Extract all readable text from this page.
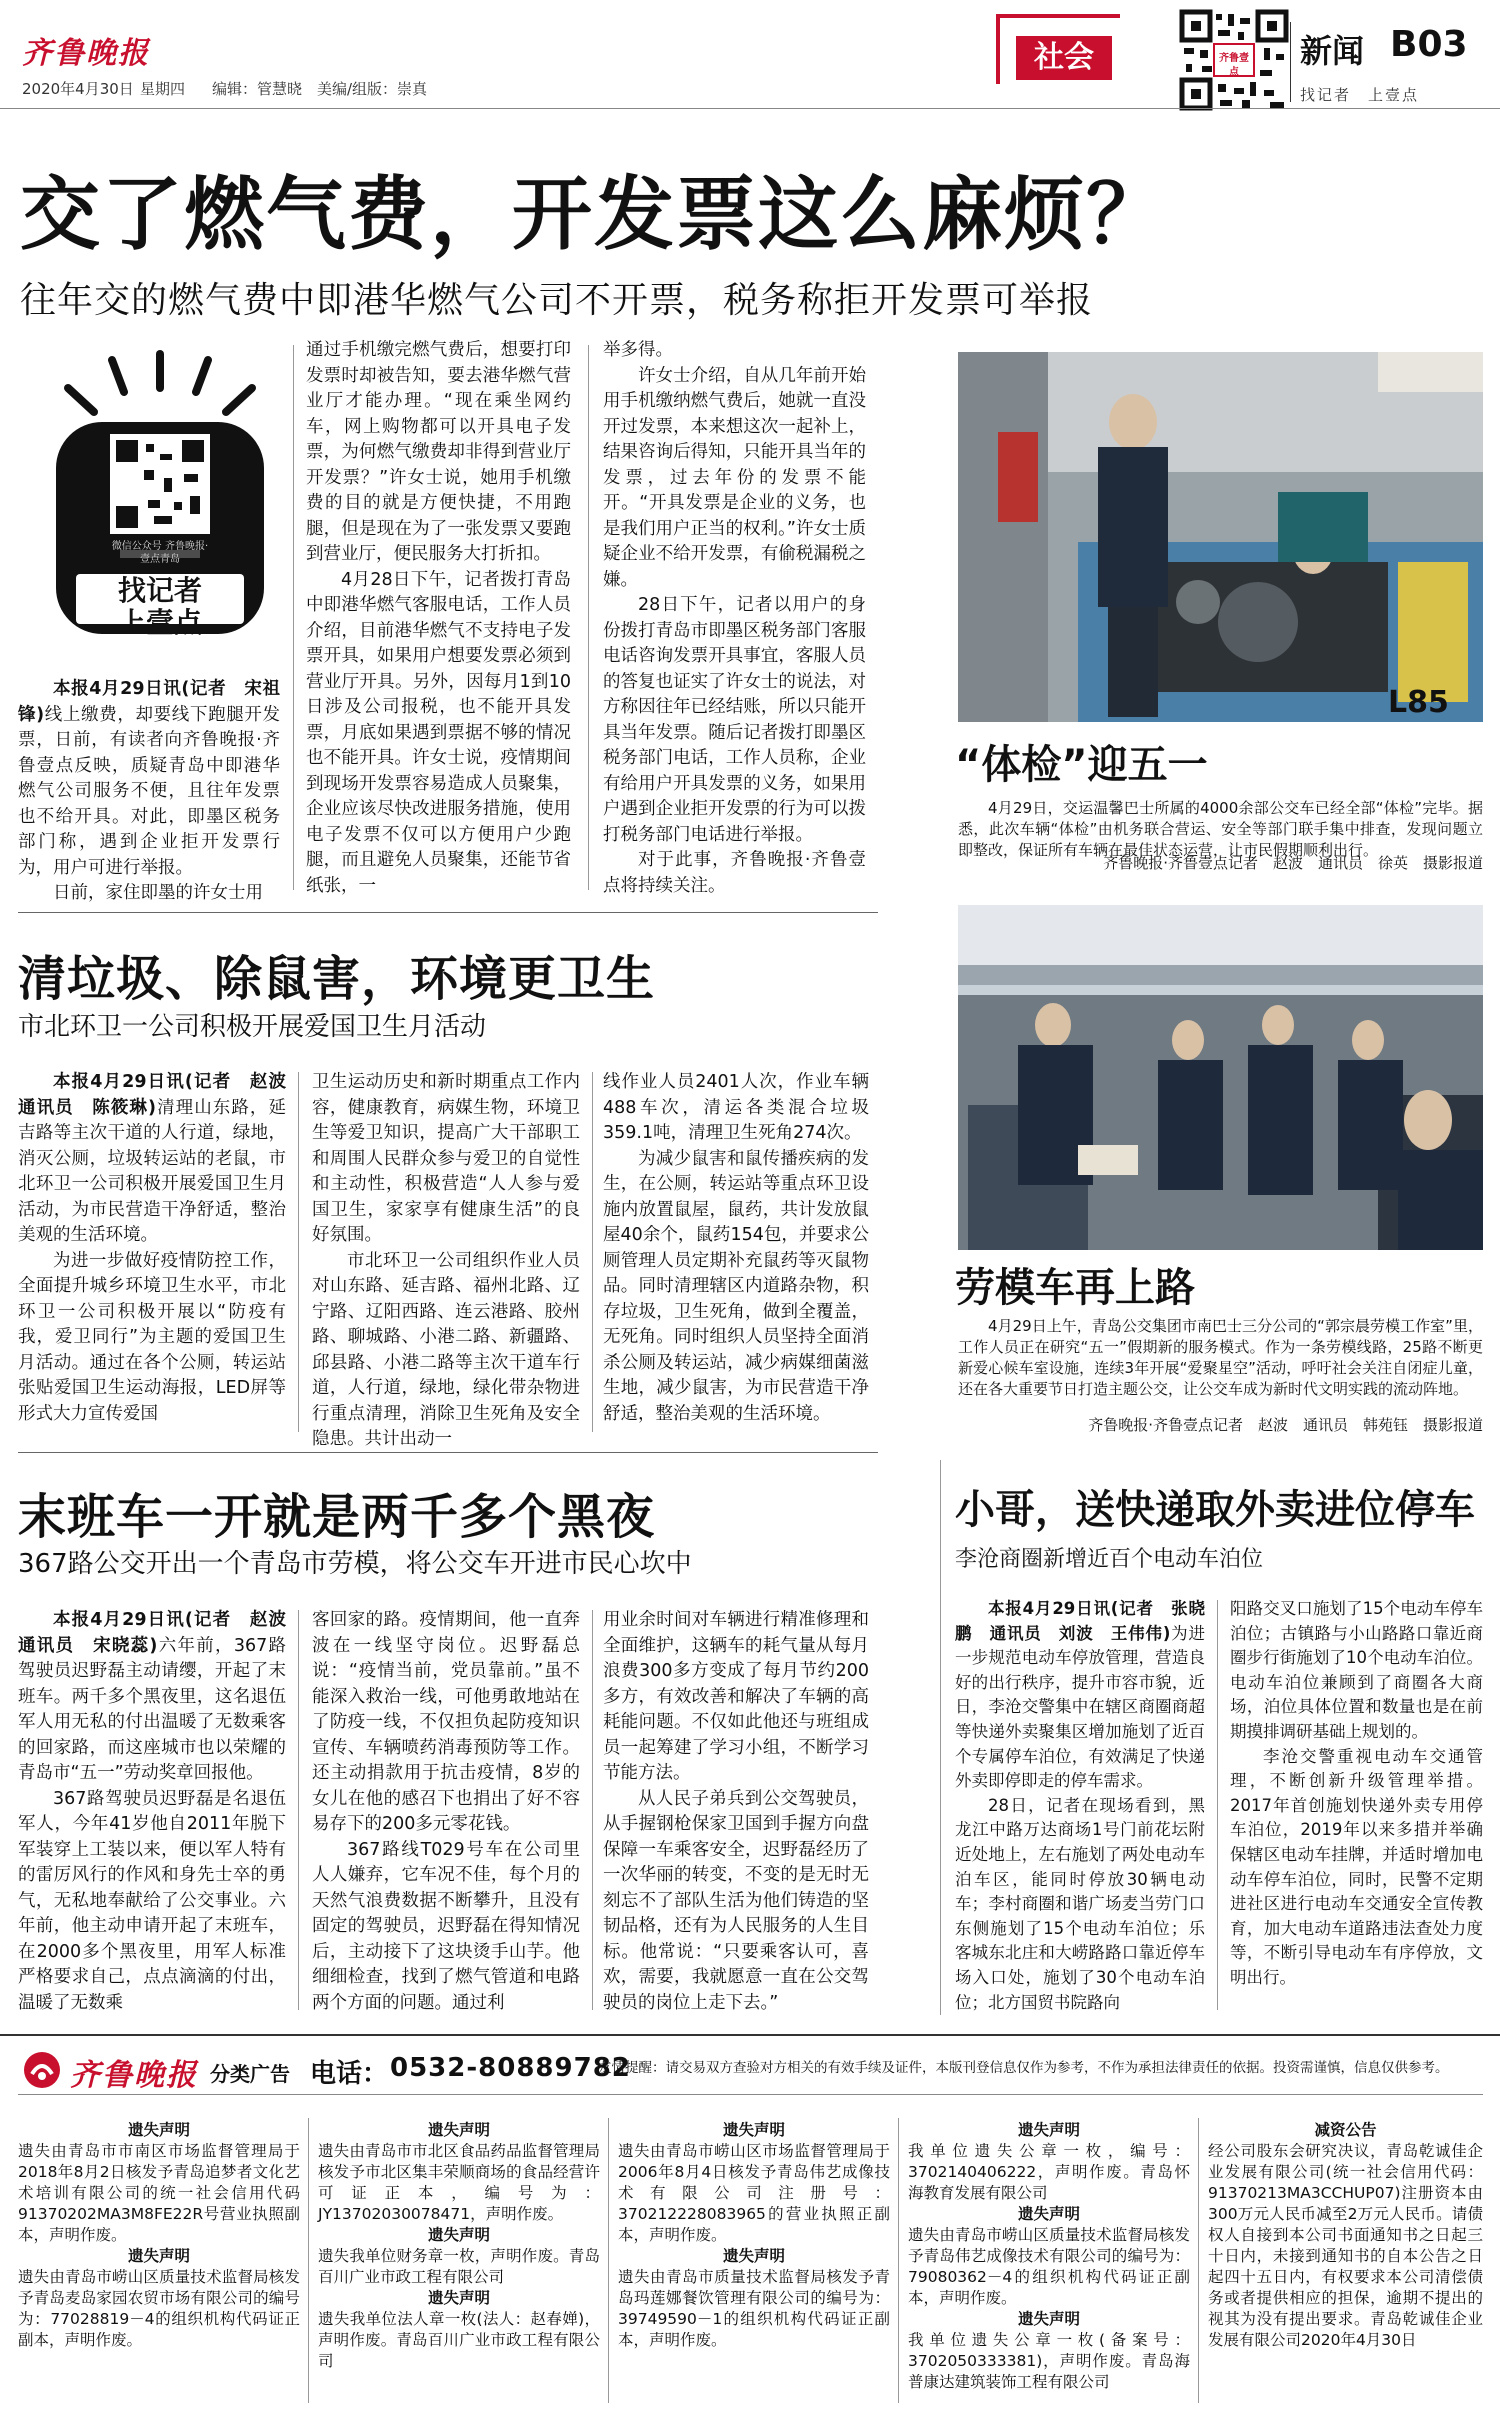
齐鲁晚报
2020年4月30日 星期四 编辑：管慧晓　美编/组版：崇真
社会	齐鲁壹点
新闻 B03
找记者　上壹点
交了燃气费，开发票这么麻烦？
往年交的燃气费中即港华燃气公司不开票，税务称拒开发票可举报
微信公众号 齐鲁晚报·壹点青岛
找记者
上壹点

本报4月29日讯(记者　宋祖锋)线上缴费，却要线下跑腿开发票，日前，有读者向齐鲁晚报·齐鲁壹点反映，质疑青岛中即港华燃气公司服务不便，且往年发票也不给开具。对此，即墨区税务部门称，遇到企业拒开发票行为，用户可进行举报。

日前，家住即墨的许女士用

通过手机缴完燃气费后，想要打印发票时却被告知，要去港华燃气营业厅才能办理。“现在乘坐网约车，网上购物都可以开具电子发票，为何燃气缴费却非得到营业厅开发票？”许女士说，她用手机缴费的目的就是方便快捷，不用跑腿，但是现在为了一张发票又要跑到营业厅，便民服务大打折扣。

4月28日下午，记者拨打青岛中即港华燃气客服电话，工作人员介绍，目前港华燃气不支持电子发票开具，如果用户想要发票必须到营业厅开具。另外，因每月1到10日涉及公司报税，也不能开具发票，月底如果遇到票据不够的情况也不能开具。许女士说，疫情期间到现场开发票容易造成人员聚集，企业应该尽快改进服务措施，使用电子发票不仅可以方便用户少跑腿，而且避免人员聚集，还能节省纸张，一

举多得。

许女士介绍，自从几年前开始用手机缴纳燃气费后，她就一直没开过发票，本来想这次一起补上，结果咨询后得知，只能开具当年的发票，过去年份的发票不能开。“开具发票是企业的义务，也是我们用户正当的权利。”许女士质疑企业不给开发票，有偷税漏税之嫌。

28日下午，记者以用户的身份拨打青岛市即墨区税务部门客服电话咨询发票开具事宜，客服人员的答复也证实了许女士的说法，对方称因往年已经结账，所以只能开具当年发票。随后记者拨打即墨区税务部门电话，工作人员称，企业有给用户开具发票的义务，如果用户遇到企业拒开发票的行为可以拨打税务部门电话进行举报。

对于此事，齐鲁晚报·齐鲁壹点将持续关注。

L85
“体检”迎五一
4月29日，交运温馨巴士所属的4000余部公交车已经全部“体检”完毕。据悉，此次车辆“体检”由机务联合营运、安全等部门联手集中排查，发现问题立即整改，保证所有车辆在最佳状态运营，让市民假期顺利出行。
齐鲁晚报·齐鲁壹点记者　赵波　通讯员　徐英　摄影报道
清垃圾、除鼠害，环境更卫生
市北环卫一公司积极开展爱国卫生月活动

本报4月29日讯(记者　赵波　通讯员　陈筱琳)清理山东路，延吉路等主次干道的人行道，绿地，消灭公厕，垃圾转运站的老鼠，市北环卫一公司积极开展爱国卫生月活动，为市民营造干净舒适，整治美观的生活环境。

为进一步做好疫情防控工作，全面提升城乡环境卫生水平，市北环卫一公司积极开展以“防疫有我，爱卫同行”为主题的爱国卫生月活动。通过在各个公厕，转运站张贴爱国卫生运动海报，LED屏等形式大力宣传爱国

卫生运动历史和新时期重点工作内容，健康教育，病媒生物，环境卫生等爱卫知识，提高广大干部职工和周围人民群众参与爱卫的自觉性和主动性，积极营造“人人参与爱国卫生，家家享有健康生活”的良好氛围。

市北环卫一公司组织作业人员对山东路、延吉路、福州北路、辽宁路、辽阳西路、连云港路、胶州路、聊城路、小港二路、新疆路、邱县路、小港二路等主次干道车行道，人行道，绿地，绿化带杂物进行重点清理，消除卫生死角及安全隐患。共计出动一

线作业人员2401人次，作业车辆488车次，清运各类混合垃圾359.1吨，清理卫生死角274次。

为减少鼠害和鼠传播疾病的发生，在公厕，转运站等重点环卫设施内放置鼠屋，鼠药，共计发放鼠屋40余个，鼠药154包，并要求公厕管理人员定期补充鼠药等灭鼠物品。同时清理辖区内道路杂物，积存垃圾，卫生死角，做到全覆盖，无死角。同时组织人员坚持全面消杀公厕及转运站，减少病媒细菌滋生地，减少鼠害，为市民营造干净舒适，整治美观的生活环境。

劳模车再上路
4月29日上午，青岛公交集团市南巴士三分公司的“郭宗晨劳模工作室”里，工作人员正在研究“五一”假期新的服务模式。作为一条劳模线路，25路不断更新爱心候车室设施，连续3年开展“爱聚星空”活动，呼吁社会关注自闭症儿童，还在各大重要节日打造主题公交，让公交车成为新时代文明实践的流动阵地。
齐鲁晚报·齐鲁壹点记者　赵波　通讯员　韩苑钰　摄影报道
末班车一开就是两千多个黑夜
367路公交开出一个青岛市劳模，将公交车开进市民心坎中

本报4月29日讯(记者　赵波　通讯员　宋晓蕊)六年前，367路驾驶员迟野磊主动请缨，开起了末班车。两千多个黑夜里，这名退伍军人用无私的付出温暖了无数乘客的回家路，而这座城市也以荣耀的青岛市“五一”劳动奖章回报他。

367路驾驶员迟野磊是名退伍军人，今年41岁他自2011年脱下军装穿上工装以来，便以军人特有的雷厉风行的作风和身先士卒的勇气，无私地奉献给了公交事业。六年前，他主动申请开起了末班车，在2000多个黑夜里，用军人标准严格要求自己，点点滴滴的付出，温暖了无数乘

客回家的路。疫情期间，他一直奔波在一线坚守岗位。迟野磊总说：“疫情当前，党员靠前。”虽不能深入救治一线，可他勇敢地站在了防疫一线，不仅担负起防疫知识宣传、车辆喷药消毒预防等工作。还主动捐款用于抗击疫情，8岁的女儿在他的感召下也捐出了好不容易存下的200多元零花钱。

367路线T029号车在公司里人人嫌弃，它车况不佳，每个月的天然气浪费数据不断攀升，且没有固定的驾驶员，迟野磊在得知情况后，主动接下了这块烫手山芋。他细细检查，找到了燃气管道和电路两个方面的问题。通过利

用业余时间对车辆进行精准修理和全面维护，这辆车的耗气量从每月浪费300多方变成了每月节约200多方，有效改善和解决了车辆的高耗能问题。不仅如此他还与班组成员一起筹建了学习小组，不断学习节能方法。

从人民子弟兵到公交驾驶员，从手握钢枪保家卫国到手握方向盘保障一车乘客安全，迟野磊经历了一次华丽的转变，不变的是无时无刻忘不了部队生活为他们铸造的坚韧品格，还有为人民服务的人生目标。他常说：“只要乘客认可，喜欢，需要，我就愿意一直在公交驾驶员的岗位上走下去。”

小哥，送快递取外卖进位停车
李沧商圈新增近百个电动车泊位

本报4月29日讯(记者　张晓鹏　通讯员　刘波　王伟伟)为进一步规范电动车停放管理，营造良好的出行秩序，提升市容市貌，近日，李沧交警集中在辖区商圈商超等快递外卖聚集区增加施划了近百个专属停车泊位，有效满足了快递外卖即停即走的停车需求。

28日，记者在现场看到，黑龙江中路万达商场1号门前花坛附近处地上，左右施划了两处电动车泊车区，能同时停放30辆电动车；李村商圈和谐广场麦当劳门口东侧施划了15个电动车泊位；乐客城东北庄和大崂路路口靠近停车场入口处，施划了30个电动车泊位；北方国贸书院路向

阳路交叉口施划了15个电动车停车泊位；古镇路与小山路路口靠近商圈步行街施划了10个电动车泊位。电动车泊位兼顾到了商圈各大商场，泊位具体位置和数量也是在前期摸排调研基础上规划的。

李沧交警重视电动车交通管理，不断创新升级管理举措。2017年首创施划快递外卖专用停车泊位，2019年以来多措并举确保辖区电动车挂牌，并适时增加电动车停车泊位，同时，民警不定期进社区进行电动车交通安全宣传教育，加大电动车道路违法查处力度等，不断引导电动车有序停放，文明出行。

齐鲁晚报 分类广告 电话： 0532-80889782
友情提醒：请交易双方查验对方相关的有效手续及证件，本版刊登信息仅作为参考，不作为承担法律责任的依据。投资需谨慎，信息仅供参考。

遗失声明

遗失由青岛市市南区市场监督管理局于2018年8月2日核发予青岛追梦者文化艺术培训有限公司的统一社会信用代码91370202MA3M8FE22R号营业执照副本，声明作废。

遗失声明

遗失由青岛市崂山区质量技术监督局核发予青岛麦岛家园农贸市场有限公司的编号为：77028819－4的组织机构代码证正副本，声明作废。

遗失声明

遗失由青岛市市北区食品药品监督管理局核发予市北区集丰荣顺商场的食品经营许可证正本，编号为：JY13702030078471，声明作废。

遗失声明

遗失我单位财务章一枚，声明作废。青岛百川广业市政工程有限公司

遗失声明

遗失我单位法人章一枚(法人：赵春婵)，声明作废。青岛百川广业市政工程有限公司

遗失声明

遗失由青岛市崂山区市场监督管理局于2006年8月4日核发予青岛伟艺成像技术有限公司注册号：370212228083965的营业执照正副本，声明作废。

遗失声明

遗失由青岛市质量技术监督局核发予青岛玛莲娜餐饮管理有限公司的编号为：39749590－1的组织机构代码证正副本，声明作废。

遗失声明

我单位遗失公章一枚，编号：3702140406222，声明作废。青岛怀海教育发展有限公司

遗失声明

遗失由青岛市崂山区质量技术监督局核发予青岛伟艺成像技术有限公司的编号为：79080362－4的组织机构代码证正副本，声明作废。

遗失声明

我单位遗失公章一枚(备案号：3702050333381)，声明作废。青岛海普康达建筑装饰工程有限公司

减资公告

经公司股东会研究决议，青岛乾诚佳企业发展有限公司(统一社会信用代码：91370213MA3CCHUP07)注册资本由300万元人民币减至2万元人民币。请债权人自接到本公司书面通知书之日起三十日内，未接到通知书的自本公告之日起四十五日内，有权要求本公司清偿债务或者提供相应的担保，逾期不提出的视其为没有提出要求。青岛乾诚佳企业发展有限公司2020年4月30日
